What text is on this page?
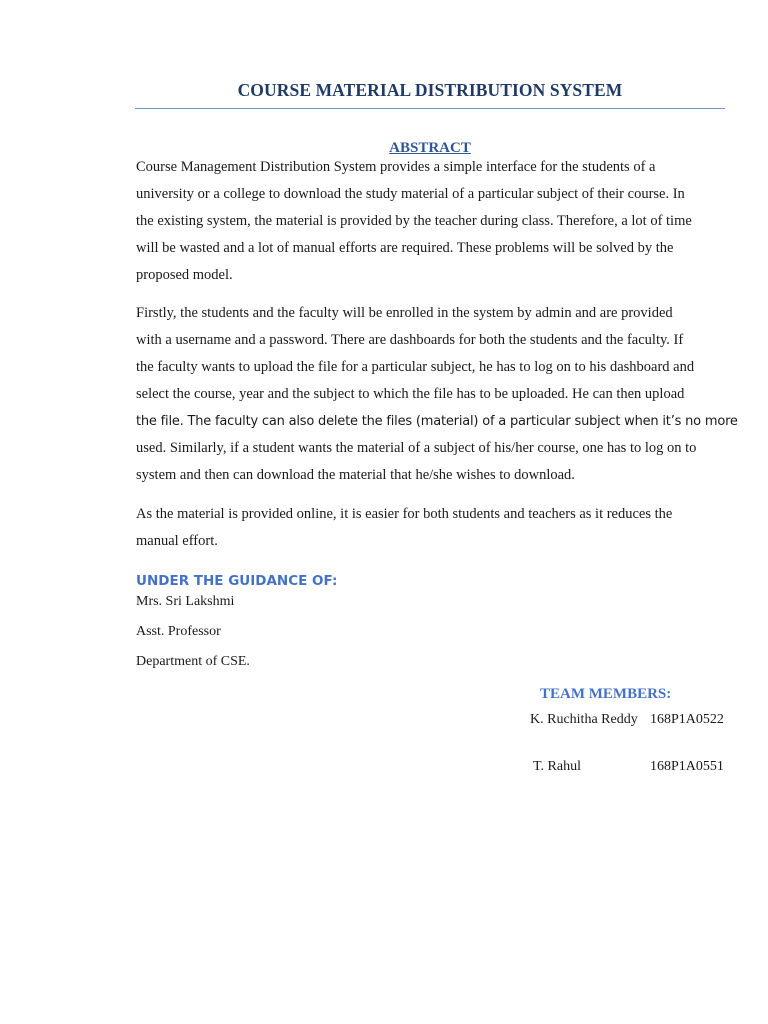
COURSE MATERIAL DISTRIBUTION SYSTEM
ABSTRACT
Course Management Distribution System provides a simple interface for the students of a
university or a college to download the study material of a particular subject of their course. In
the existing system, the material is provided by the teacher during class. Therefore, a lot of time
will be wasted and a lot of manual efforts are required. These problems will be solved by the
proposed model.
Firstly, the students and the faculty will be enrolled in the system by admin and are provided
with a username and a password. There are dashboards for both the students and the faculty. If
the faculty wants to upload the file for a particular subject, he has to log on to his dashboard and
select the course, year and the subject to which the file has to be uploaded. He can then upload
the file. The faculty can also delete the files (material) of a particular subject when it’s no more
used. Similarly, if a student wants the material of a subject of his/her course, one has to log on to
system and then can download the material that he/she wishes to download.
As the material is provided online, it is easier for both students and teachers as it reduces the
manual effort.
UNDER THE GUIDANCE OF:
Mrs. Sri Lakshmi
Asst. Professor
Department of CSE.
TEAM MEMBERS:
K. Ruchitha Reddy 168P1A0522
T. Rahul	168P1A0551
